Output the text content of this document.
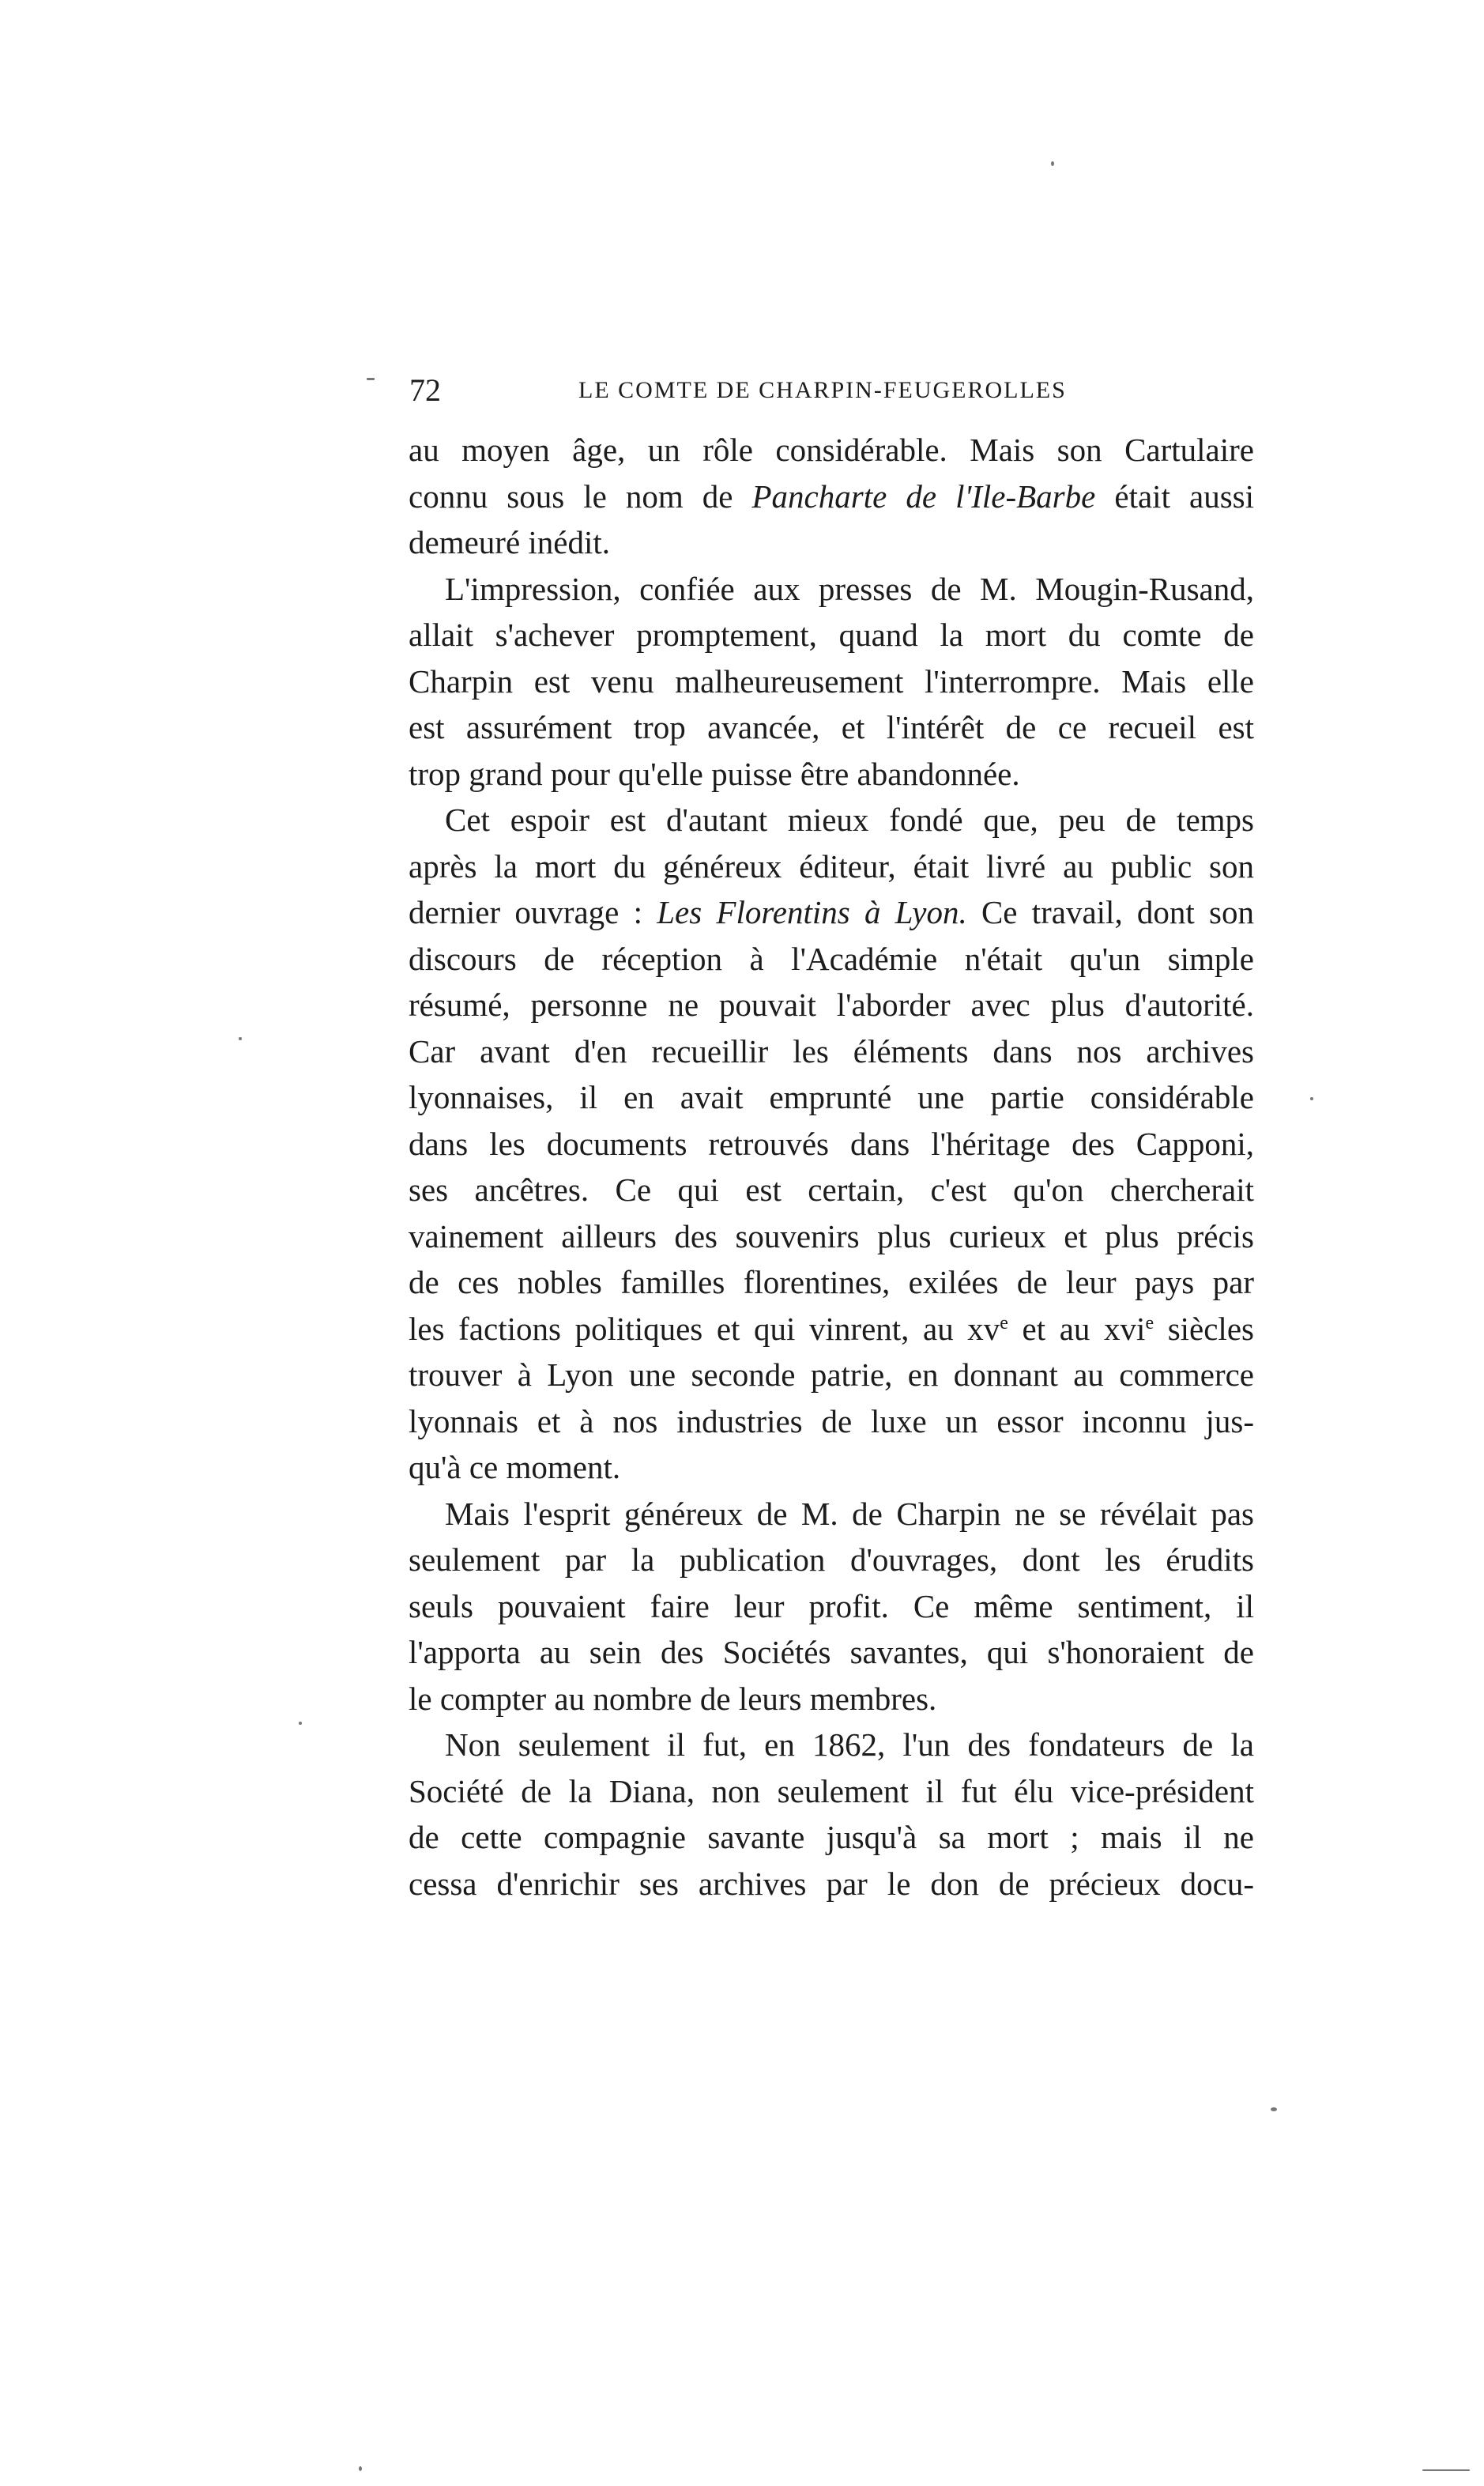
72	LE COMTE DE CHARPIN-FEUGEROLLES
au moyen âge, un rôle considérable. Mais son Cartulaire
connu sous le nom de Pancharte de l'Ile-Barbe était aussi
demeuré inédit.
L'impression, confiée aux presses de M. Mougin-Rusand,
allait s'achever promptement, quand la mort du comte de
Charpin est venu malheureusement l'interrompre. Mais elle
est assurément trop avancée, et l'intérêt de ce recueil est
trop grand pour qu'elle puisse être abandonnée.
Cet espoir est d'autant mieux fondé que, peu de temps
après la mort du généreux éditeur, était livré au public son
dernier ouvrage : Les Florentins à Lyon. Ce travail, dont son
discours de réception à l'Académie n'était qu'un simple
résumé, personne ne pouvait l'aborder avec plus d'autorité.
Car avant d'en recueillir les éléments dans nos archives
lyonnaises, il en avait emprunté une partie considérable
dans les documents retrouvés dans l'héritage des Capponi,
ses ancêtres. Ce qui est certain, c'est qu'on chercherait
vainement ailleurs des souvenirs plus curieux et plus précis
de ces nobles familles florentines, exilées de leur pays par
les factions politiques et qui vinrent, au $xv^e$ et au xvi$^e$ siècles
trouver à Lyon une seconde patrie, en donnant au commerce
lyonnais et à nos industries de luxe un essor inconnu jus-
qu'à ce moment.
Mais l'esprit généreux de M. de Charpin ne se révélait pas
seulement par la publication d'ouvrages, dont les érudits
seuls pouvaient faire leur profit. Ce même sentiment, il
l'apporta au sein des Sociétés savantes, qui s'honoraient de
le compter au nombre de leurs membres.
Non seulement il fut, en 1862, l'un des fondateurs de la
Société de la Diana, non seulement il fut élu vice-président
de cette compagnie savante jusqu'à sa mort ; mais il ne
cessa d'enrichir ses archives par le don de précieux docu-
